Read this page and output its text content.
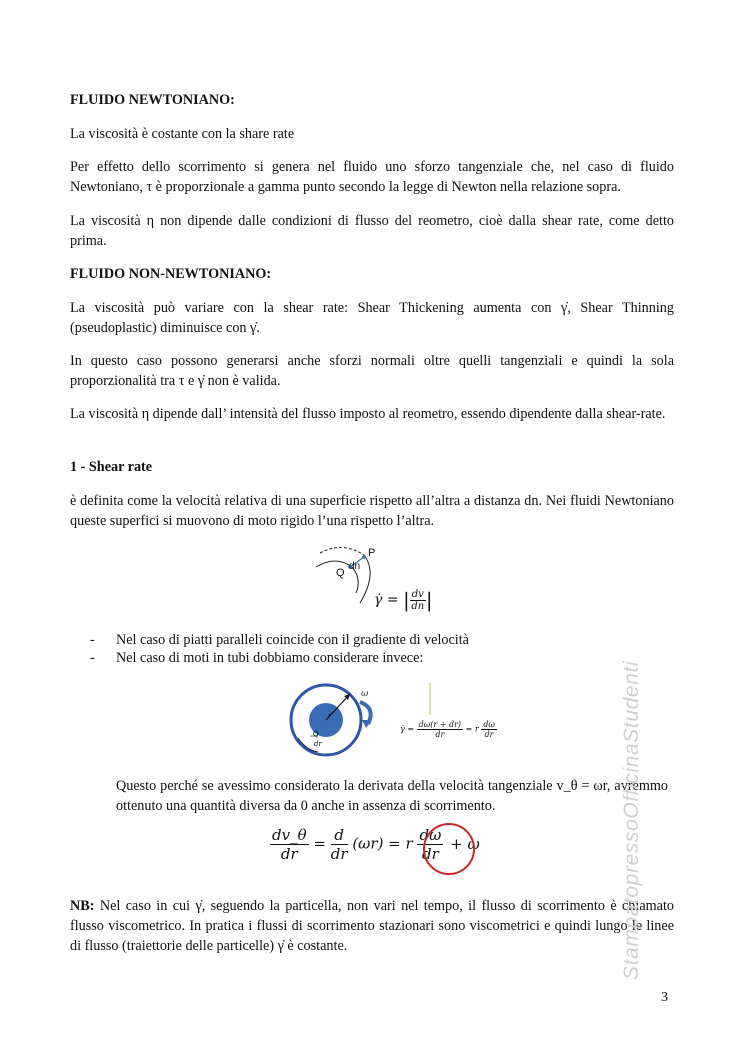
FLUIDO NEWTONIANO:

La viscosità è costante con la share rate

Per effetto dello scorrimento si genera nel fluido uno sforzo tangenziale che, nel caso di fluido Newtoniano, τ è proporzionale a gamma punto secondo la legge di Newton nella relazione sopra.

La viscosità η non dipende dalle condizioni di flusso del reometro, cioè dalla shear rate, come detto prima.

FLUIDO NON-NEWTONIANO:

La viscosità può variare con la shear rate: Shear Thickening aumenta con γ̇, Shear Thinning (pseudoplastic) diminuisce con γ̇.

In questo caso possono generarsi anche sforzi normali oltre quelli tangenziali e quindi la sola proporzionalità tra τ e γ̇ non è valida.

La viscosità η dipende dall’ intensità del flusso imposto al reometro, essendo dipendente dalla shear-rate.

1 - Shear rate

è definita come la velocità relativa di una superficie rispetto all’altra a distanza dn. Nei fluidi Newtoniano queste superfici si muovono di moto rigido l’una rispetto l’altra.

P
Q
dn
γ̇ = | $\frac{dv}{dn}$ |
- Nel caso di piatti paralleli coincide con il gradiente di velocità
- Nel caso di moti in tubi dobbiamo considerare invece:
ω
r
dr
Q
γ̇ = $\frac{d\omega(r + dr)}{dr} = r \frac{d\omega}{dr}$

Questo perché se avessimo considerato la derivata della velocità tangenziale v_θ = ωr, avremmo ottenuto una quantità diversa da 0 anche in assenza di scorrimento.

$\frac{dv\_\theta}{dr} = \frac{d}{dr} (\omega r) = r \frac{d\omega}{dr} + \omega$

NB: Nel caso in cui γ̇, seguendo la particella, non vari nel tempo, il flusso di scorrimento è chiamato flusso viscometrico. In pratica i flussi di scorrimento stazionari sono viscometrici e quindi lungo le linee di flusso (traiettorie delle particelle) γ̇ è costante.	StampatopressoOfficinaStudenti
3
